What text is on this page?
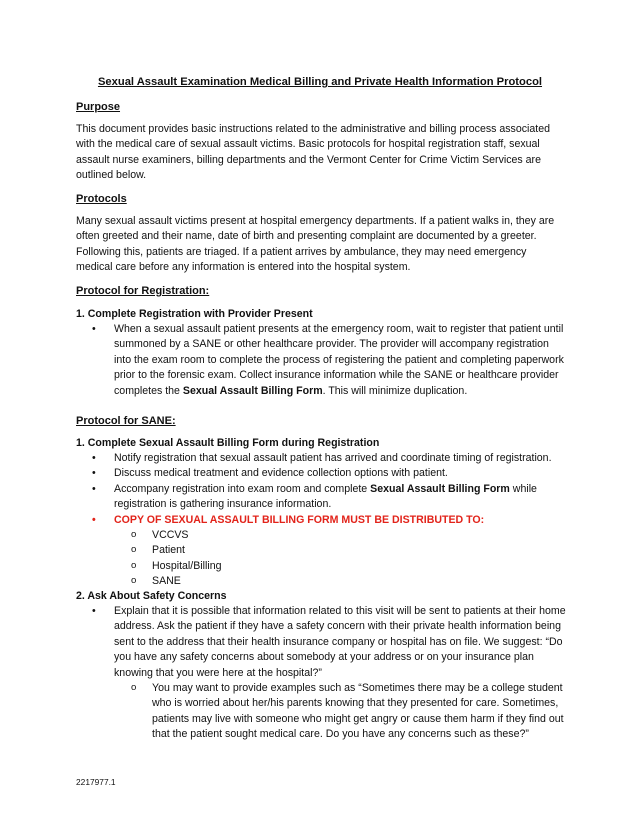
Sexual Assault Examination Medical Billing and Private Health Information Protocol

Purpose

This document provides basic instructions related to the administrative and billing process associated with the medical care of sexual assault victims. Basic protocols for hospital registration staff, sexual assault nurse examiners, billing departments and the Vermont Center for Crime Victim Services are outlined below.

Protocols

Many sexual assault victims present at hospital emergency departments. If a patient walks in, they are often greeted and their name, date of birth and presenting complaint are documented by a greeter. Following this, patients are triaged. If a patient arrives by ambulance, they may need emergency medical care before any information is entered into the hospital system.

Protocol for Registration:

1. Complete Registration with Provider Present

• When a sexual assault patient presents at the emergency room, wait to register that patient until summoned by a SANE or other healthcare provider. The provider will accompany registration into the exam room to complete the process of registering the patient and completing paperwork prior to the forensic exam. Collect insurance information while the SANE or healthcare provider completes the Sexual Assault Billing Form. This will minimize duplication.

Protocol for SANE:

1. Complete Sexual Assault Billing Form during Registration

• Notify registration that sexual assault patient has arrived and coordinate timing of registration.
• Discuss medical treatment and evidence collection options with patient.
• Accompany registration into exam room and complete Sexual Assault Billing Form while registration is gathering insurance information.
• COPY OF SEXUAL ASSAULT BILLING FORM MUST BE DISTRIBUTED TO:
o VCCVS
o Patient
o Hospital/Billing
o SANE

2. Ask About Safety Concerns

• Explain that it is possible that information related to this visit will be sent to patients at their home address. Ask the patient if they have a safety concern with their private health information being sent to the address that their health insurance company or hospital has on file. We suggest: “Do you have any safety concerns about somebody at your address or on your insurance plan knowing that you were here at the hospital?”
o You may want to provide examples such as “Sometimes there may be a college student who is worried about her/his parents knowing that they presented for care. Sometimes, patients may live with someone who might get angry or cause them harm if they find out that the patient sought medical care. Do you have any concerns such as these?”
2217977.1
